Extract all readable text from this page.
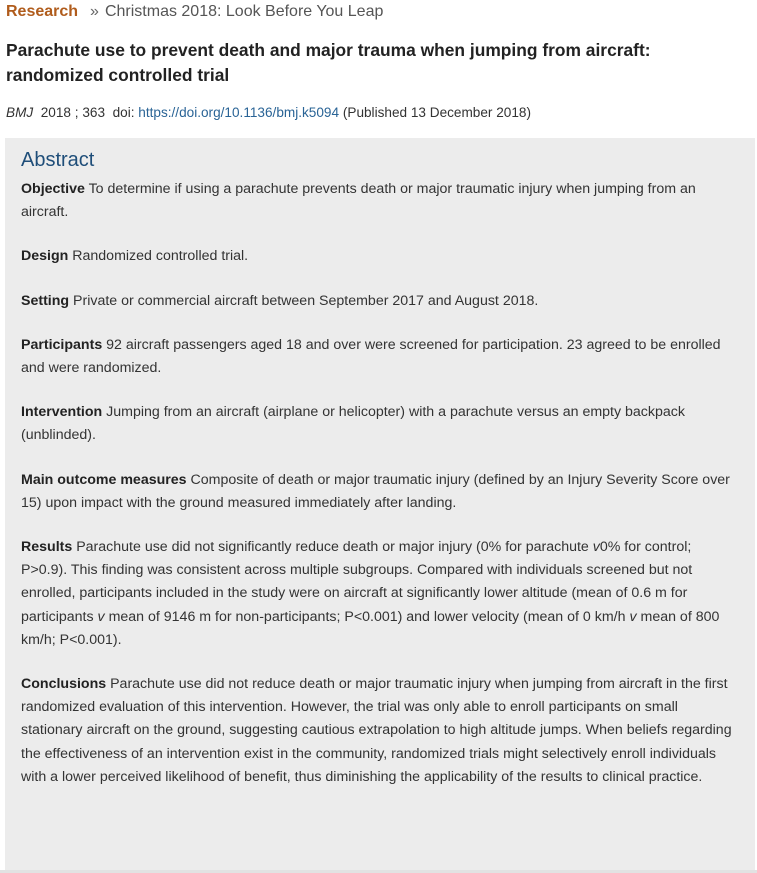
Research » Christmas 2018: Look Before You Leap
Parachute use to prevent death and major trauma when jumping from aircraft: randomized controlled trial
BMJ 2018 ; 363 doi: https://doi.org/10.1136/bmj.k5094 (Published 13 December 2018)
Abstract

Objective To determine if using a parachute prevents death or major traumatic injury when jumping from an aircraft.

Design Randomized controlled trial.

Setting Private or commercial aircraft between September 2017 and August 2018.

Participants 92 aircraft passengers aged 18 and over were screened for participation. 23 agreed to be enrolled and were randomized.

Intervention Jumping from an aircraft (airplane or helicopter) with a parachute versus an empty backpack (unblinded).

Main outcome measures Composite of death or major traumatic injury (defined by an Injury Severity Score over 15) upon impact with the ground measured immediately after landing.

Results Parachute use did not significantly reduce death or major injury (0% for parachute v0% for control; P>0.9). This finding was consistent across multiple subgroups. Compared with individuals screened but not enrolled, participants included in the study were on aircraft at significantly lower altitude (mean of 0.6 m for participants v mean of 9146 m for non-participants; P<0.001) and lower velocity (mean of 0 km/h v mean of 800 km/h; P<0.001).

Conclusions Parachute use did not reduce death or major traumatic injury when jumping from aircraft in the first randomized evaluation of this intervention. However, the trial was only able to enroll participants on small stationary aircraft on the ground, suggesting cautious extrapolation to high altitude jumps. When beliefs regarding the effectiveness of an intervention exist in the community, randomized trials might selectively enroll individuals with a lower perceived likelihood of benefit, thus diminishing the applicability of the results to clinical practice.
